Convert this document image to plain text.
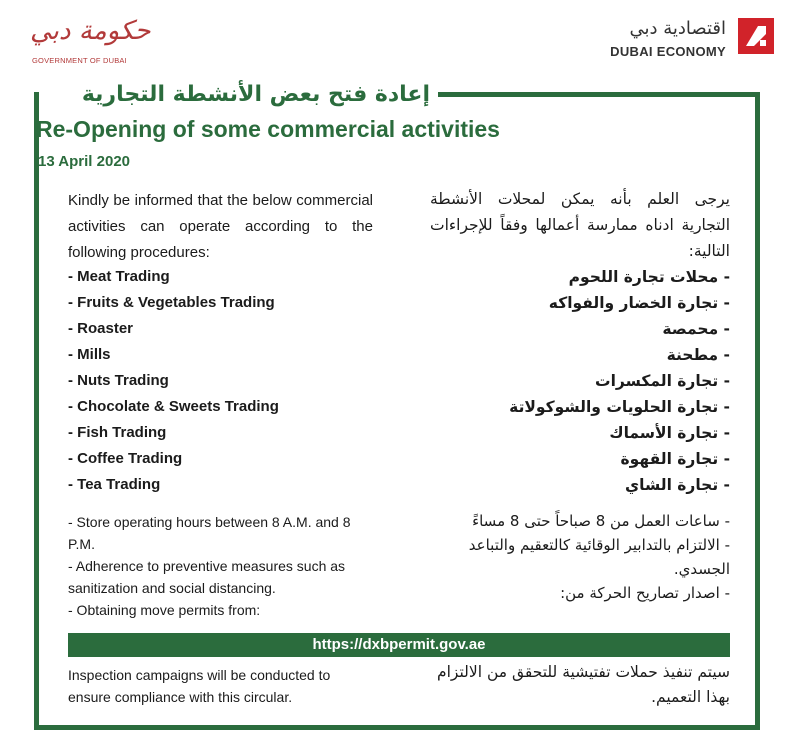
حكومة دبي
GOVERNMENT OF DUBAI
اقتصادية دبي
DUBAI ECONOMY
إعادة فتح بعض الأنشطة التجارية
Re-Opening of some commercial activities
13 April 2020
Kindly be informed that the below commercial activities can operate according to the following procedures:
يرجى العلم بأنه يمكن لمحلات الأنشطة التجارية ادناه ممارسة أعمالها وفقاً للإجراءات التالية:
- Meat Trading
- Fruits & Vegetables Trading
- Roaster
- Mills
- Nuts Trading
- Chocolate & Sweets Trading
- Fish Trading
- Coffee Trading
- Tea Trading
- محلات تجارة اللحوم
- تجارة الخضار والفواكه
- محمصة
- مطحنة
- تجارة المكسرات
- تجارة الحلويات والشوكولاتة
- تجارة الأسماك
- تجارة القهوة
- تجارة الشاي

- Store operating hours between 8 A.M. and 8 P.M.

- Adherence to preventive measures such as sanitization and social distancing.

- Obtaining move permits from:

- ساعات العمل من 8 صباحاً حتى 8 مساءً

- الالتزام بالتدابير الوقائية كالتعقيم والتباعد الجسدي.

- اصدار تصاريح الحركة من:

https://dxbpermit.gov.ae
Inspection campaigns will be conducted to ensure compliance with this circular.
سيتم تنفيذ حملات تفتيشية للتحقق من الالتزام بهذا التعميم.
